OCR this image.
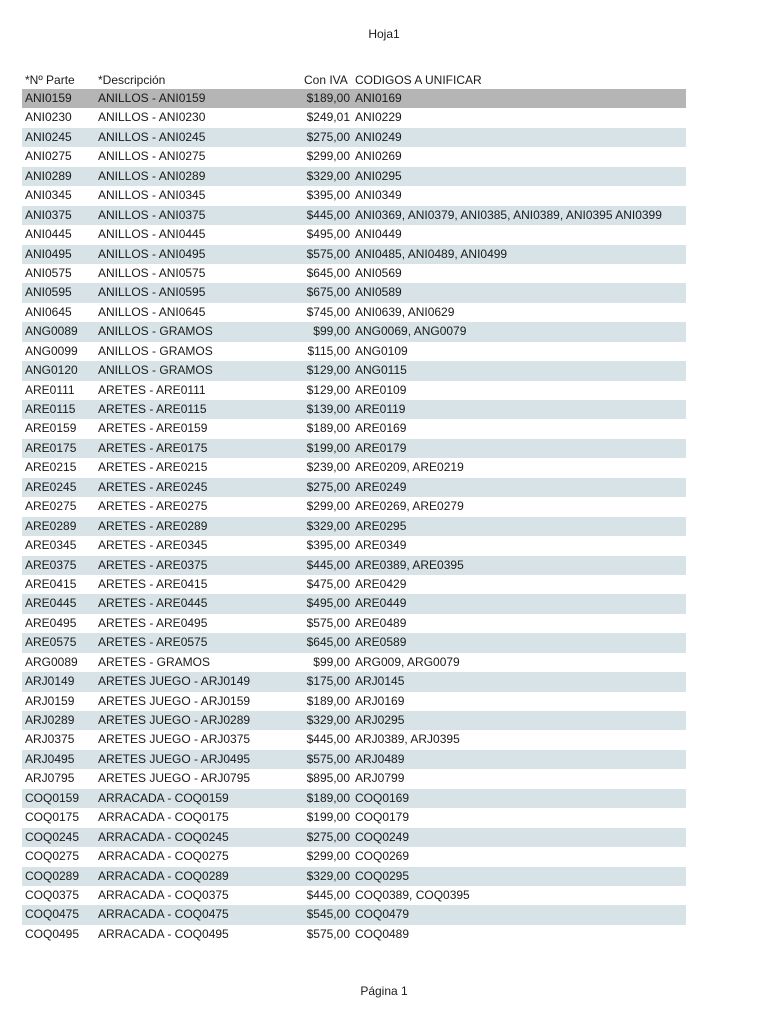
Hoja1
*Nº Parte *Descripción	Con IVA CODIGOS A UNIFICAR
ANI0159 ANILLOS - ANI0159	$189,00 ANI0169
ANI0230 ANILLOS - ANI0230	$249,01 ANI0229
ANI0245 ANILLOS - ANI0245	$275,00 ANI0249
ANI0275 ANILLOS - ANI0275	$299,00 ANI0269
ANI0289 ANILLOS - ANI0289	$329,00 ANI0295
ANI0345 ANILLOS - ANI0345	$395,00 ANI0349
ANI0375 ANILLOS - ANI0375	$445,00 ANI0369, ANI0379, ANI0385, ANI0389, ANI0395 ANI0399
ANI0445 ANILLOS - ANI0445	$495,00 ANI0449
ANI0495 ANILLOS - ANI0495	$575,00 ANI0485, ANI0489, ANI0499
ANI0575 ANILLOS - ANI0575	$645,00 ANI0569
ANI0595 ANILLOS - ANI0595	$675,00 ANI0589
ANI0645 ANILLOS - ANI0645	$745,00 ANI0639, ANI0629
ANG0089 ANILLOS - GRAMOS	$99,00 ANG0069, ANG0079
ANG0099 ANILLOS - GRAMOS	$115,00 ANG0109
ANG0120 ANILLOS - GRAMOS	$129,00 ANG0115
ARE0111 ARETES - ARE0111	$129,00 ARE0109
ARE0115 ARETES - ARE0115	$139,00 ARE0119
ARE0159 ARETES - ARE0159	$189,00 ARE0169
ARE0175 ARETES - ARE0175	$199,00 ARE0179
ARE0215 ARETES - ARE0215	$239,00 ARE0209, ARE0219
ARE0245 ARETES - ARE0245	$275,00 ARE0249
ARE0275 ARETES - ARE0275	$299,00 ARE0269, ARE0279
ARE0289 ARETES - ARE0289	$329,00 ARE0295
ARE0345 ARETES - ARE0345	$395,00 ARE0349
ARE0375 ARETES - ARE0375	$445,00 ARE0389, ARE0395
ARE0415 ARETES - ARE0415	$475,00 ARE0429
ARE0445 ARETES - ARE0445	$495,00 ARE0449
ARE0495 ARETES - ARE0495	$575,00 ARE0489
ARE0575 ARETES - ARE0575	$645,00 ARE0589
ARG0089 ARETES - GRAMOS	$99,00 ARG009, ARG0079
ARJ0149 ARETES JUEGO - ARJ0149	$175,00 ARJ0145
ARJ0159 ARETES JUEGO - ARJ0159	$189,00 ARJ0169
ARJ0289 ARETES JUEGO - ARJ0289	$329,00 ARJ0295
ARJ0375 ARETES JUEGO - ARJ0375	$445,00 ARJ0389, ARJ0395
ARJ0495 ARETES JUEGO - ARJ0495	$575,00 ARJ0489
ARJ0795 ARETES JUEGO - ARJ0795	$895,00 ARJ0799
COQ0159 ARRACADA - COQ0159	$189,00 COQ0169
COQ0175 ARRACADA - COQ0175	$199,00 COQ0179
COQ0245 ARRACADA - COQ0245	$275,00 COQ0249
COQ0275 ARRACADA - COQ0275	$299,00 COQ0269
COQ0289 ARRACADA - COQ0289	$329,00 COQ0295
COQ0375 ARRACADA - COQ0375	$445,00 COQ0389, COQ0395
COQ0475 ARRACADA - COQ0475	$545,00 COQ0479
COQ0495 ARRACADA - COQ0495	$575,00 COQ0489
Página 1
